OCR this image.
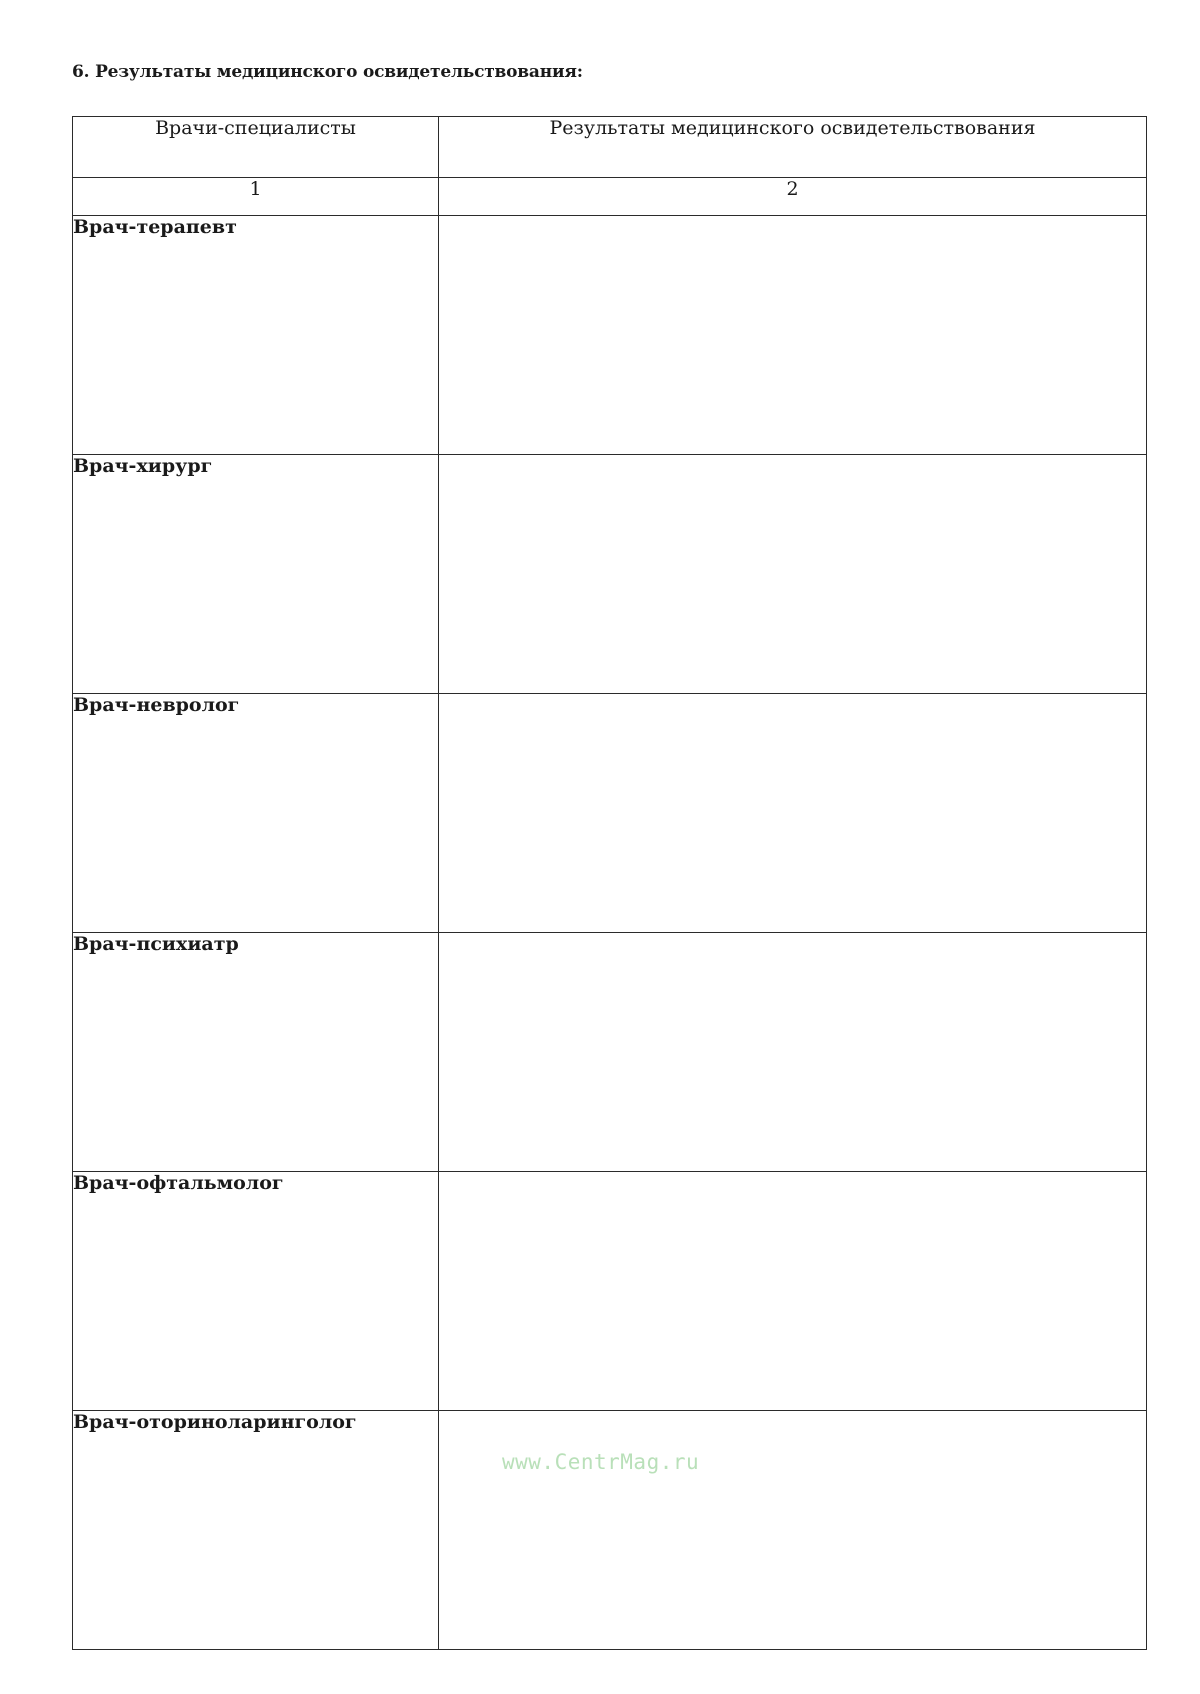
6. Результаты медицинского освидетельствования:
Врачи-специалисты	Результаты медицинского освидетельствования
1	2
Врач-терапевт	
Врач-хирург	
Врач-невролог	
Врач-психиатр	
Врач-офтальмолог	
Врач-оториноларинголог	
www.CentrMag.ru
